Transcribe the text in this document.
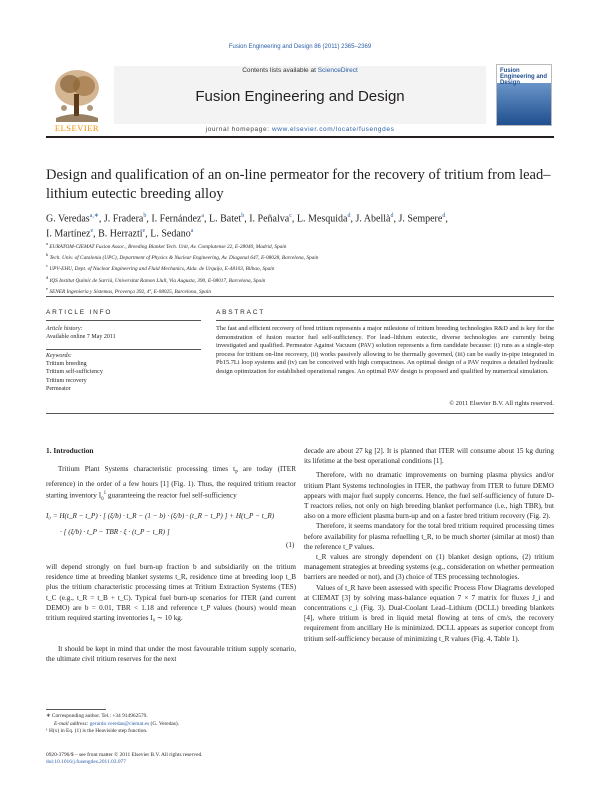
Fusion Engineering and Design 86 (2011) 2365–2369
Contents lists available at ScienceDirect
Fusion Engineering and Design
journal homepage: www.elsevier.com/locate/fusengdes
ELSEVIER
Fusion Engineering and Design
Design and qualification of an on-line permeator for the recovery of tritium from lead–lithium eutectic breeding alloy
G. Veredas$^{a,∗}$, J. Fradera$^b$, I. Fernández$^a$, L. Batet$^b$, I. Peñalva$^c$, L. Mesquida$^d$, J. Abellà$^d$, J. Sempere$^d$,
I. Martínez$^e$, B. Herrazti$^e$, L. Sedano$^a$
$^a$ EURATOM-CIEMAT Fusion Assoc., Breeding Blanket Tech. Unit, Av. Complutense 22, E-28040, Madrid, Spain
$^b$ Tech. Univ. of Catalonia (UPC), Department of Physics & Nuclear Engineering, Av. Diagonal 647, E-08028, Barcelona, Spain
$^c$ UPV-EHU, Dept. of Nuclear Engineering and Fluid Mechanics, Alda. de Urquijo, E-48103, Bilbao, Spain
$^d$ IQS Institut Químic de Sarrià, Universitat Ramon Llull, Via Augusta, 390, E-08017, Barcelona, Spain
$^e$ SENER Ingeniería y Sistemas, Provença 392, 4ª, E-08025, Barcelona, Spain
ARTICLE INFO
Article history:
Available online 7 May 2011
Keywords:
Tritium breeding
Tritium self-sufficiency
Tritium recovery
Permeator
ABSTRACT
The fast and efficient recovery of bred tritium represents a major milestone of tritium breeding technologies R&D and is key for the demonstration of fusion reactor fuel self-sufficiency. For lead–lithium eutectic, diverse technologies are currently being investigated and qualified. Permeator Against Vacuum (PAV) solution represents a firm candidate because: (i) runs as a single-step process for tritium on-line recovery, (ii) works passively allowing to be thermally governed, (iii) can be easily in-pipe integrated in Pb15.7Li loop systems and (iv) can be conceived with high compactness. An optimal design of a PAV requires a detailed hydraulic design optimization for established operational ranges. An optimal PAV design is proposed and qualified by numerical simulation.
© 2011 Elsevier B.V. All rights reserved.
1. Introduction

Tritium Plant Systems characteristic processing times $t_P$ are today (ITER reference) in the order of a few hours [1] (Fig. 1). Thus, the required tritium reactor starting inventory $I_0^1$ guaranteeing the reactor fuel self-sufficiency

I₀ = H(t_R − t_P) · [ (ξ/b) · t_R − (1 − b) · (ξ/b) · (t_R − t_P) ] + H(t_P − t_R)
· [ (ξ/b) · t_P − TBR · ξ · (t_P − t_R) ]
(1)

will depend strongly on fuel burn-up fraction b and subsidiarily on the tritium residence time at breeding blanket systems t_R, residence time at breeding loop t_B plus the tritium characteristic processing times at Tritium Extraction Systems (TES) t_C (e.g., t_R = t_B + t_C). Typical fuel burn-up scenarios for ITER (and current DEMO) are b = 0.01, TBR < 1.18 and reference t_P values (hours) would mean tritium required starting inventories I₀ ∼ 10 kg.

It should be kept in mind that under the most favourable tritium supply scenario, the ultimate civil tritium reserves for the next

decade are about 27 kg [2]. It is planned that ITER will consume about 15 kg during its lifetime at the best operational conditions [1].

Therefore, with no dramatic improvements on burning plasma physics and/or tritium Plant Systems technologies in ITER, the pathway from ITER to future DEMO appears with major fuel supply concerns. Hence, the fuel self-sufficiency of future D-T reactors relies, not only on high breeding blanket performance (i.e., high TBR), but also on a more efficient plasma burn-up and on a faster bred tritium recovery (Fig. 2).

Therefore, it seems mandatory for the total bred tritium required processing times before availability for plasma refuelling t_R, to be much shorter (similar at most) than the reference t_P values.

t_R values are strongly dependent on (1) blanket design options, (2) tritium management strategies at breeding systems (e.g., consideration on whether permeation barriers are needed or not), and (3) choice of TES processing technologies.

Values of t_R have been assessed with specific Process Flow Diagrams developed at CIEMAT [3] by solving mass-balance equation 7 × 7 matrix for fluxes J_i and concentrations c_i (Fig. 3). Dual-Coolant Lead–Lithium (DCLL) breeding blankets [4], where tritium is bred in liquid metal flowing at tens of cm/s, the recovery requirement from ancillary He is minimized. DCLL appears as superior concept from tritium self-sufficiency because of minimizing t_R values (Fig. 4, Table 1).

∗ Corresponding author. Tel.: +34 914962579.
E-mail address: gerardo.veredas@ciemat.es (G. Veredas).
¹ H(x) in Eq. (1) is the Heaviside step function.
0920-3796/$ – see front matter © 2011 Elsevier B.V. All rights reserved.
doi:10.1016/j.fusengdes.2011.03.077
